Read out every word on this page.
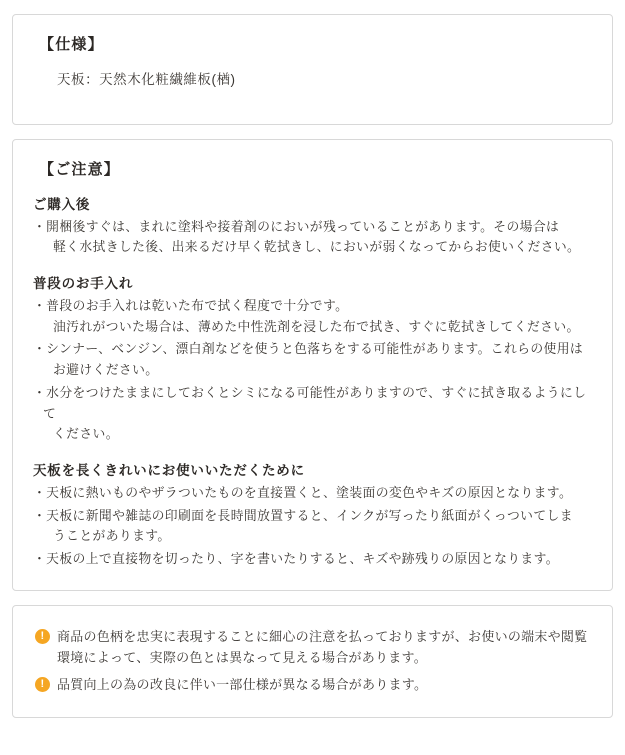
【仕様】

天板：天然木化粧繊維板(楢)

【ご注意】

ご購入後

・開梱後すぐは、まれに塗料や接着剤のにおいが残っていることがあります。その場合は
軽く水拭きした後、出来るだけ早く乾拭きし、においが弱くなってからお使いください。

普段のお手入れ

・普段のお手入れは乾いた布で拭く程度で十分です。
油汚れがついた場合は、薄めた中性洗剤を浸した布で拭き、すぐに乾拭きしてください。

・シンナー、ベンジン、漂白剤などを使うと色落ちをする可能性があります。これらの使用は
お避けください。

・水分をつけたままにしておくとシミになる可能性がありますので、すぐに拭き取るようにして
ください。

天板を長くきれいにお使いいただくために

・天板に熱いものやザラついたものを直接置くと、塗装面の変色やキズの原因となります。

・天板に新聞や雑誌の印刷面を長時間放置すると、インクが写ったり紙面がくっついてしま
うことがあります。

・天板の上で直接物を切ったり、字を書いたりすると、キズや跡残りの原因となります。

! 商品の色柄を忠実に表現することに細心の注意を払っておりますが、お使いの端末や閲覧環境によって、実際の色とは異なって見える場合があります。
! 品質向上の為の改良に伴い一部仕様が異なる場合があります。
